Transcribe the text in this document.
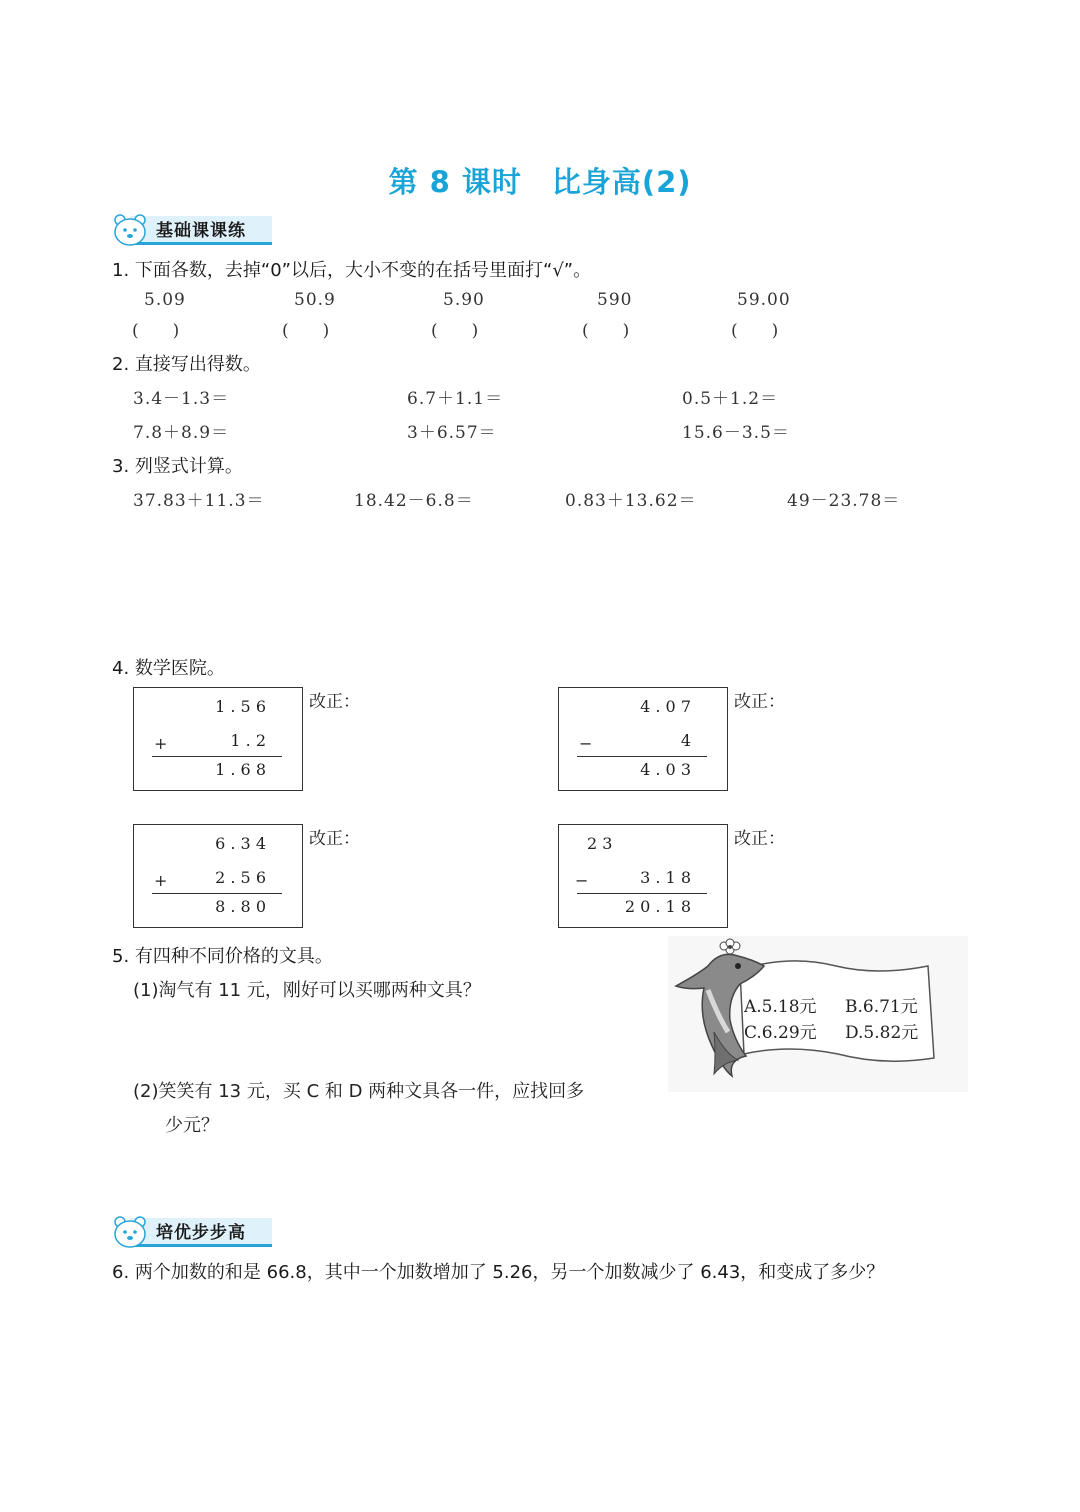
第 8 课时　比身高(2)
基础课课练
1. 下面各数，去掉“0”以后，大小不变的在括号里面打“√”。
5.09	50.9	5.90	590	59.00
(　　)	(　　)	(　　)	(　　)	(　　)
2. 直接写出得数。
3.4－1.3＝	6.7＋1.1＝	0.5＋1.2＝
7.8＋8.9＝	3＋6.57＝	15.6－3.5＝
3. 列竖式计算。
37.83＋11.3＝	18.42－6.8＝	0.83＋13.62＝	49－23.78＝
4. 数学医院。
1 . 5 6
+	1 . 2
1 . 6 8
改正：	4 . 0 7
−	4
4 . 0 3
改正：
6 . 3 4
+	2 . 5 6
8 . 8 0
改正：	2 3
−	3 . 1 8
2 0 . 1 8
改正：
5. 有四种不同价格的文具。
(1)淘气有 11 元，刚好可以买哪两种文具？
(2)笑笑有 13 元，买 C 和 D 两种文具各一件，应找回多
少元？
A.5.18元 B.6.71元
C.6.29元 D.5.82元
培优步步高
6. 两个加数的和是 66.8，其中一个加数增加了 5.26，另一个加数减少了 6.43，和变成了多少？
